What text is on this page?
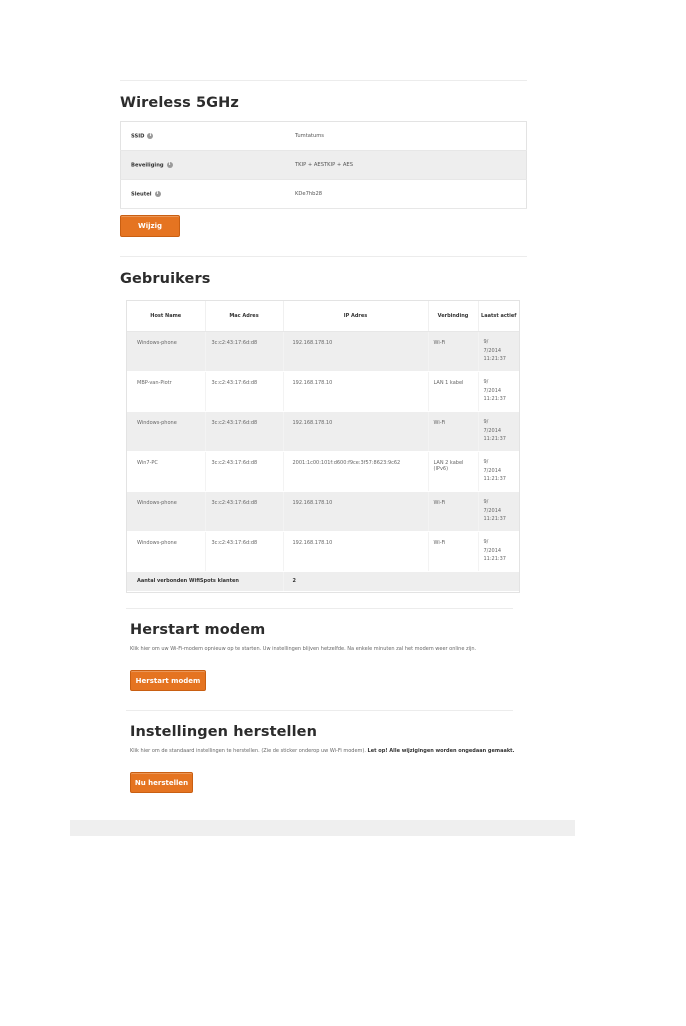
Wireless 5GHz
SSID i	Tumtatums
Beveiliging i	TKIP + AESTKIP + AES
Sleutel i	KDe7hb28
Wijzig
Gebruikers
Host Name	Mac Adres	IP Adres	Verbinding	Laatst actief
Windows-phone	3c:c2:43:17:6d:d8	192.168.178.10	Wi-Fi	9/
7/2014
11:21:37
MBP-van-Piotr	3c:c2:43:17:6d:d8	192.168.178.10	LAN 1 kabel	9/
7/2014
11:21:37
Windows-phone	3c:c2:43:17:6d:d8	192.168.178.10	Wi-Fi	9/
7/2014
11:21:37
Win7-PC	3c:c2:43:17:6d:d8	2001:1c00:101f:d600:f9ce:3f57:8623:9c62	LAN 2 kabel (IPv6)	9/
7/2014
11:21:37
Windows-phone	3c:c2:43:17:6d:d8	192.168.178.10	Wi-Fi	9/
7/2014
11:21:37
Windows-phone	3c:c2:43:17:6d:d8	192.168.178.10	Wi-Fi	9/
7/2014
11:21:37
Aantal verbonden WifiSpots klanten		2		
Herstart modem

Klik hier om uw Wi-Fi-modem opnieuw op te starten. Uw instellingen blijven hetzelfde. Na enkele minuten zal het modem weer online zijn.

Herstart modem
Instellingen herstellen

Klik hier om de standaard instellingen te herstellen. (Zie de sticker onderop uw Wi-Fi modem). Let op! Alle wijzigingen worden ongedaan gemaakt.

Nu herstellen
